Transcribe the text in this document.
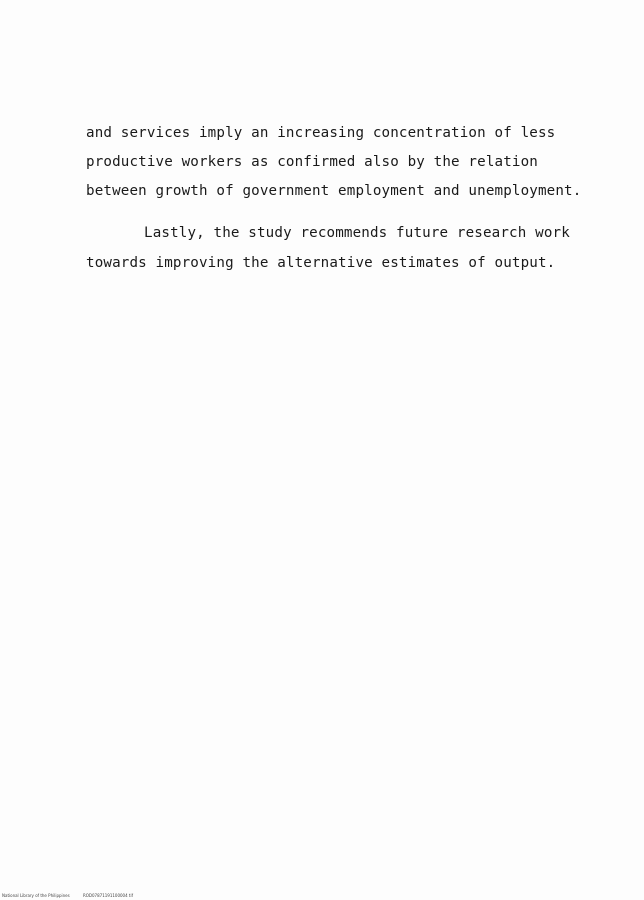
and services imply an increasing concentration of less
productive workers as confirmed also by the relation
between growth of government employment and unemployment.
Lastly, the study recommends future research work
towards improving the alternative estimates of output.
National Library of the Philippines	ROD07871191100004 tif
